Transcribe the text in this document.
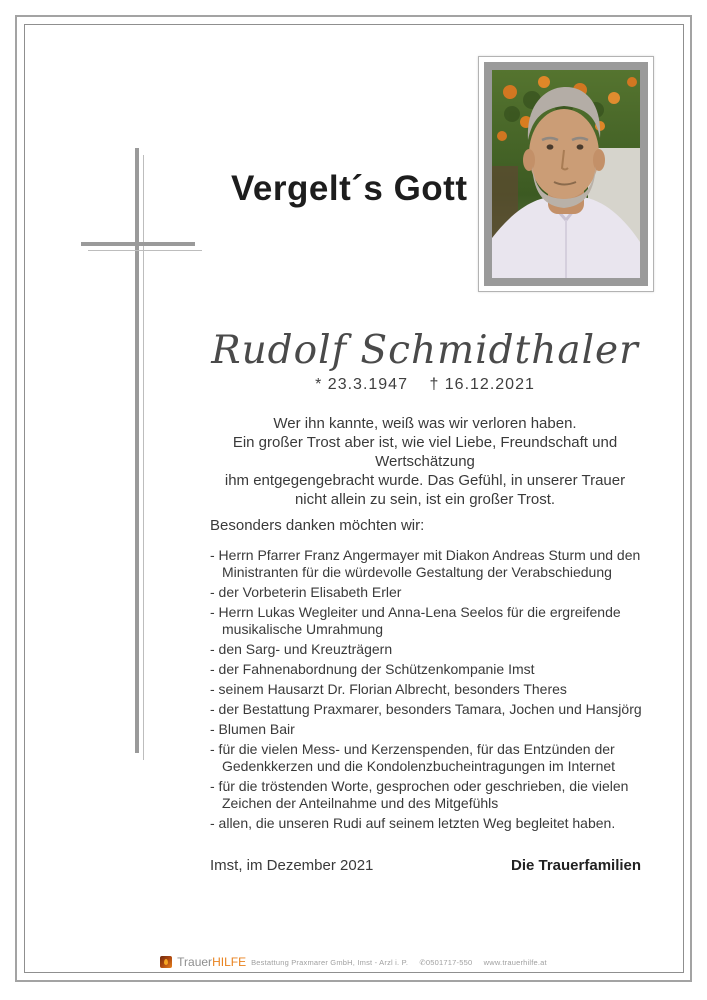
Vergelt´s Gott
Rudolf Schmidthaler
* 23.3.1947 † 16.12.2021
Wer ihn kannte, weiß was wir verloren haben.
Ein großer Trost aber ist, wie viel Liebe, Freundschaft und Wertschätzung
ihm entgegengebracht wurde. Das Gefühl, in unserer Trauer
nicht allein zu sein, ist ein großer Trost.
Besonders danken möchten wir:
- Herrn Pfarrer Franz Angermayer mit Diakon Andreas Sturm und den Ministranten für die würdevolle Gestaltung der Verabschiedung
- der Vorbeterin Elisabeth Erler
- Herrn Lukas Wegleiter und Anna-Lena Seelos für die ergreifende musikalische Umrahmung
- den Sarg- und Kreuzträgern
- der Fahnenabordnung der Schützenkompanie Imst
- seinem Hausarzt Dr. Florian Albrecht, besonders Theres
- der Bestattung Praxmarer, besonders Tamara, Jochen und Hansjörg
- Blumen Bair
- für die vielen Mess- und Kerzenspenden, für das Entzünden der Gedenkkerzen und die Kondolenzbucheintragungen im Internet
- für die tröstenden Worte, gesprochen oder geschrieben, die vielen Zeichen der Anteilnahme und des Mitgefühls
- allen, die unseren Rudi auf seinem letzten Weg begleitet haben.
Imst, im Dezember 2021	Die Trauerfamilien
TrauerHILFE Bestattung Praxmarer GmbH, Imst - Arzl i. P. ✆0501717-550 www.trauerhilfe.at
